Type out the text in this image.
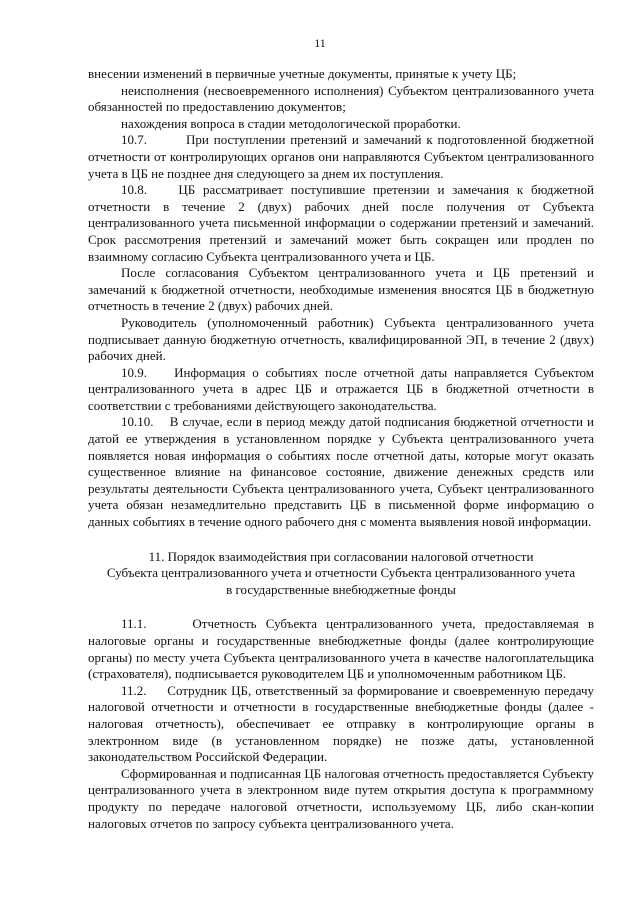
11

внесении изменений в первичные учетные документы, принятые к учету ЦБ;

неисполнения (несвоевременного исполнения) Субъектом централизованного учета обязанностей по предоставлению документов;

нахождения вопроса в стадии методологической проработки.

10.7.        При поступлении претензий и замечаний к подготовленной бюджетной отчетности от контролирующих органов они направляются Субъектом централизованного учета в ЦБ не позднее дня следующего за днем их поступления.

10.8.    ЦБ рассматривает поступившие претензии и замечания к бюджетной отчетности в течение 2 (двух) рабочих дней после получения от Субъекта централизованного учета письменной информации о содержании претензий и замечаний. Срок рассмотрения претензий и замечаний может быть сокращен или продлен по взаимному согласию Субъекта централизованного учета и ЦБ.

После согласования Субъектом централизованного учета и ЦБ претензий и замечаний к бюджетной отчетности, необходимые изменения вносятся ЦБ в бюджетную отчетность в течение 2 (двух) рабочих дней.

Руководитель (уполномоченный работник) Субъекта централизованного учета подписывает данную бюджетную отчетность, квалифицированной ЭП, в течение 2 (двух) рабочих дней.

10.9.    Информация о событиях после отчетной даты направляется Субъектом централизованного учета в адрес ЦБ и отражается ЦБ в бюджетной отчетности в соответствии с требованиями действующего законодательства.

10.10.    В случае, если в период между датой подписания бюджетной отчетности и датой ее утверждения в установленном порядке у Субъекта централизованного учета появляется новая информация о событиях после отчетной даты, которые могут оказать существенное влияние на финансовое состояние, движение денежных средств или результаты деятельности Субъекта централизованного учета, Субъект централизованного учета обязан незамедлительно представить ЦБ в письменной форме информацию о данных событиях в течение одного рабочего дня с момента выявления новой информации.

11. Порядок взаимодействия при согласовании налоговой отчетности

Субъекта централизованного учета и отчетности Субъекта централизованного учета

в государственные внебюджетные фонды

11.1.     Отчетность Субъекта централизованного учета, предоставляемая в налоговые органы и государственные внебюджетные фонды (далее контролирующие органы) по месту учета Субъекта централизованного учета в качестве налогоплательщика (страхователя), подписывается руководителем ЦБ и уполномоченным работником ЦБ.

11.2.     Сотрудник ЦБ, ответственный за формирование и своевременную передачу налоговой отчетности и отчетности в государственные внебюджетные фонды (далее - налоговая отчетность), обеспечивает ее отправку в контролирующие органы в электронном виде (в установленном порядке) не позже даты, установленной законодательством Российской Федерации.

Сформированная и подписанная ЦБ налоговая отчетность предоставляется Субъекту централизованного учета в электронном виде путем открытия доступа к программному продукту по передаче налоговой отчетности, используемому ЦБ, либо скан-копии налоговых отчетов по запросу субъекта централизованного учета.
